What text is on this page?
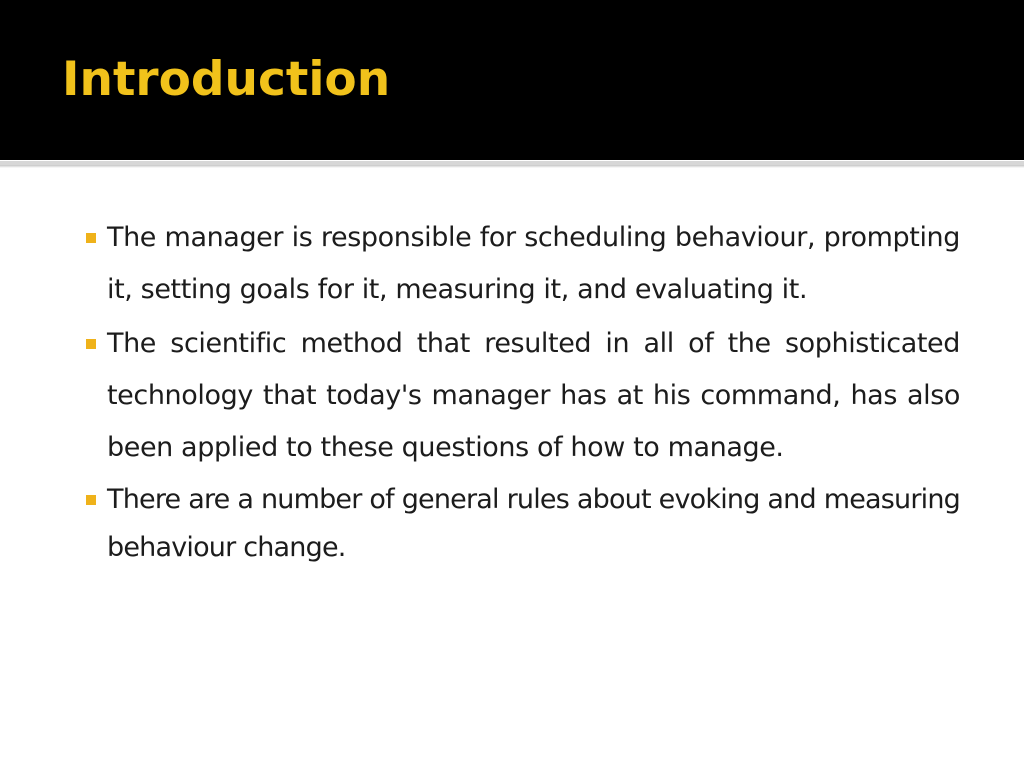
Introduction
The manager is responsible for scheduling behaviour, prompting it, setting goals for it, measuring it, and evaluating it.
The scientific method that resulted in all of the sophisticated technology that today's manager has at his command, has also been applied to these questions of how to manage.
There are a number of general rules about evoking and measuring behaviour change.
